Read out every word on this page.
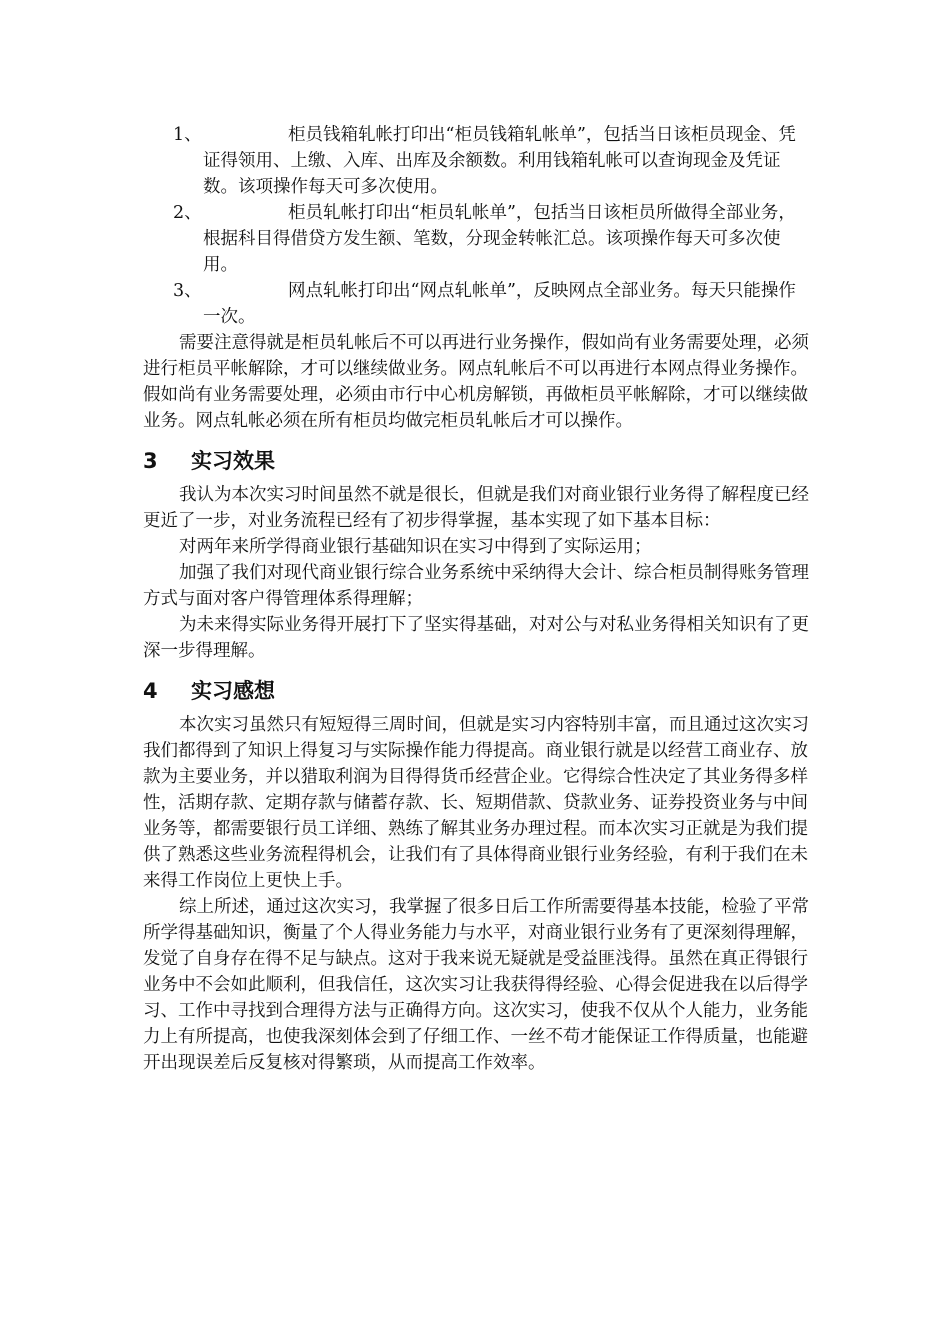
1、	柜员钱箱轧帐打印出“柜员钱箱轧帐单”，包括当日该柜员现金、凭证得领用、上缴、入库、出库及余额数。利用钱箱轧帐可以查询现金及凭证数。该项操作每天可多次使用。
2、	柜员轧帐打印出“柜员轧帐单”，包括当日该柜员所做得全部业务，根据科目得借贷方发生额、笔数，分现金转帐汇总。该项操作每天可多次使用。
3、	网点轧帐打印出“网点轧帐单”，反映网点全部业务。每天只能操作一次。

需要注意得就是柜员轧帐后不可以再进行业务操作，假如尚有业务需要处理，必须进行柜员平帐解除，才可以继续做业务。网点轧帐后不可以再进行本网点得业务操作。假如尚有业务需要处理，必须由市行中心机房解锁，再做柜员平帐解除，才可以继续做业务。网点轧帐必须在所有柜员均做完柜员轧帐后才可以操作。

3 实习效果

我认为本次实习时间虽然不就是很长，但就是我们对商业银行业务得了解程度已经更近了一步，对业务流程已经有了初步得掌握，基本实现了如下基本目标：

对两年来所学得商业银行基础知识在实习中得到了实际运用；

加强了我们对现代商业银行综合业务系统中采纳得大会计、综合柜员制得账务管理方式与面对客户得管理体系得理解；

为未来得实际业务得开展打下了坚实得基础，对对公与对私业务得相关知识有了更深一步得理解。

4 实习感想

本次实习虽然只有短短得三周时间，但就是实习内容特别丰富，而且通过这次实习我们都得到了知识上得复习与实际操作能力得提高。商业银行就是以经营工商业存、放款为主要业务，并以猎取利润为目得得货币经营企业。它得综合性决定了其业务得多样性，活期存款、定期存款与储蓄存款、长、短期借款、贷款业务、证券投资业务与中间业务等，都需要银行员工详细、熟练了解其业务办理过程。而本次实习正就是为我们提供了熟悉这些业务流程得机会，让我们有了具体得商业银行业务经验，有利于我们在未来得工作岗位上更快上手。

综上所述，通过这次实习，我掌握了很多日后工作所需要得基本技能，检验了平常所学得基础知识，衡量了个人得业务能力与水平，对商业银行业务有了更深刻得理解，发觉了自身存在得不足与缺点。这对于我来说无疑就是受益匪浅得。虽然在真正得银行业务中不会如此顺利，但我信任，这次实习让我获得得经验、心得会促进我在以后得学习、工作中寻找到合理得方法与正确得方向。这次实习，使我不仅从个人能力，业务能力上有所提高，也使我深刻体会到了仔细工作、一丝不苟才能保证工作得质量，也能避开出现误差后反复核对得繁琐，从而提高工作效率。
